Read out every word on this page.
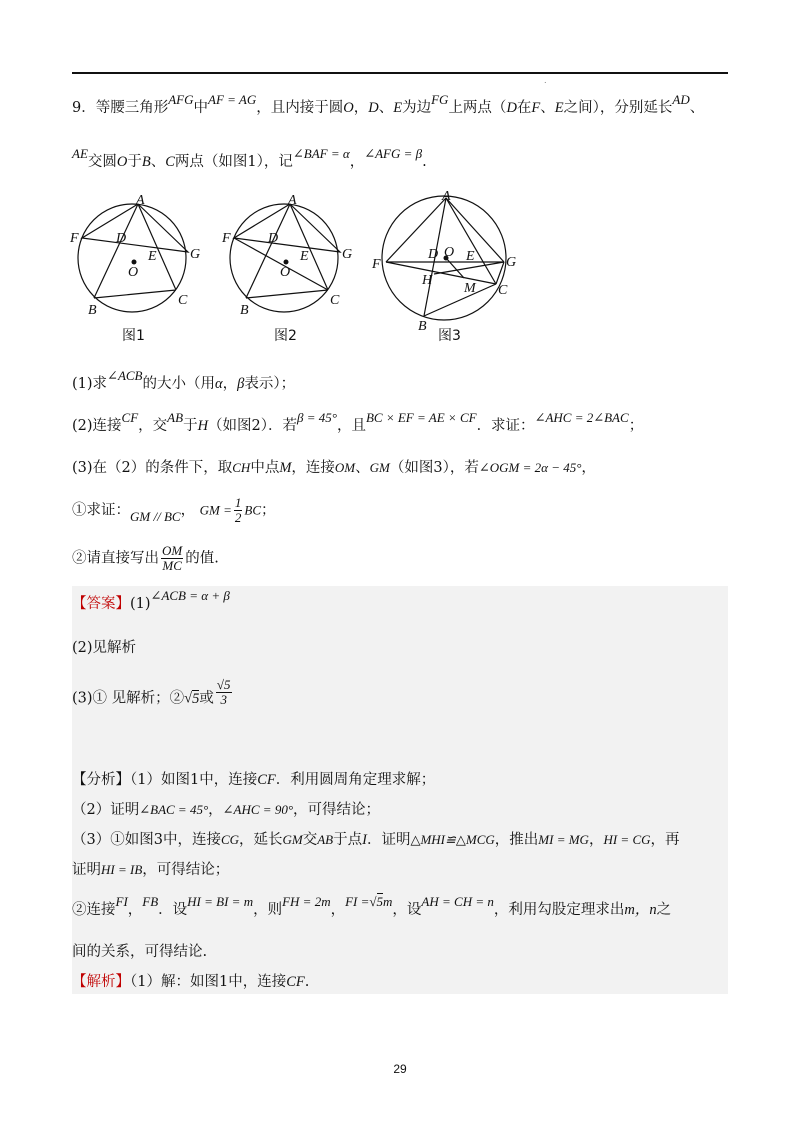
.
9．等腰三角形AFG中AF = AG，且内接于圆O，D、E为边FG上两点（D在F、E之间），分别延长AD、
AE交圆O于B、C两点（如图1），记∠BAF = α，∠AFG = β.
A
F
G
D
E
O
B
C
图1
A
F
G
D
E
O
B
C
图2
A
F	G
D O E
H
M C
B
图3
(1)求∠ACB的大小（用α，β表示）；
(2)连接CF，交AB于H（如图2）．若β = 45°，且BC × EF = AE × CF．求证：∠AHC = 2∠BAC；
(3)在（2）的条件下，取CH中点M，连接OM、GM（如图3），若∠OGM = 2α − 45°，
①求证：GM // BC， GM = $\frac{1}{2}$ BC；
②请直接写出 $\frac{OM}{MC}$ 的值.
【答案】(1)∠ACB = α + β
(2)见解析
(3)① 见解析；②√5或 $\frac{√5}{3}$
【分析】（1）如图1中，连接CF．利用圆周角定理求解；
（2）证明∠BAC = 45°，∠AHC = 90°，可得结论；
（3）①如图3中，连接CG，延长GM交AB于点I．证明△MHI≌△MCG，推出MI = MG，HI = CG，再
证明HI = IB，可得结论；
②连接FI，FB．设HI = BI = m，则FH = 2m，FI =√5m，设AH = CH = n，利用勾股定理求出m，n之
间的关系，可得结论.
【解析】（1）解：如图1中，连接CF.
29
